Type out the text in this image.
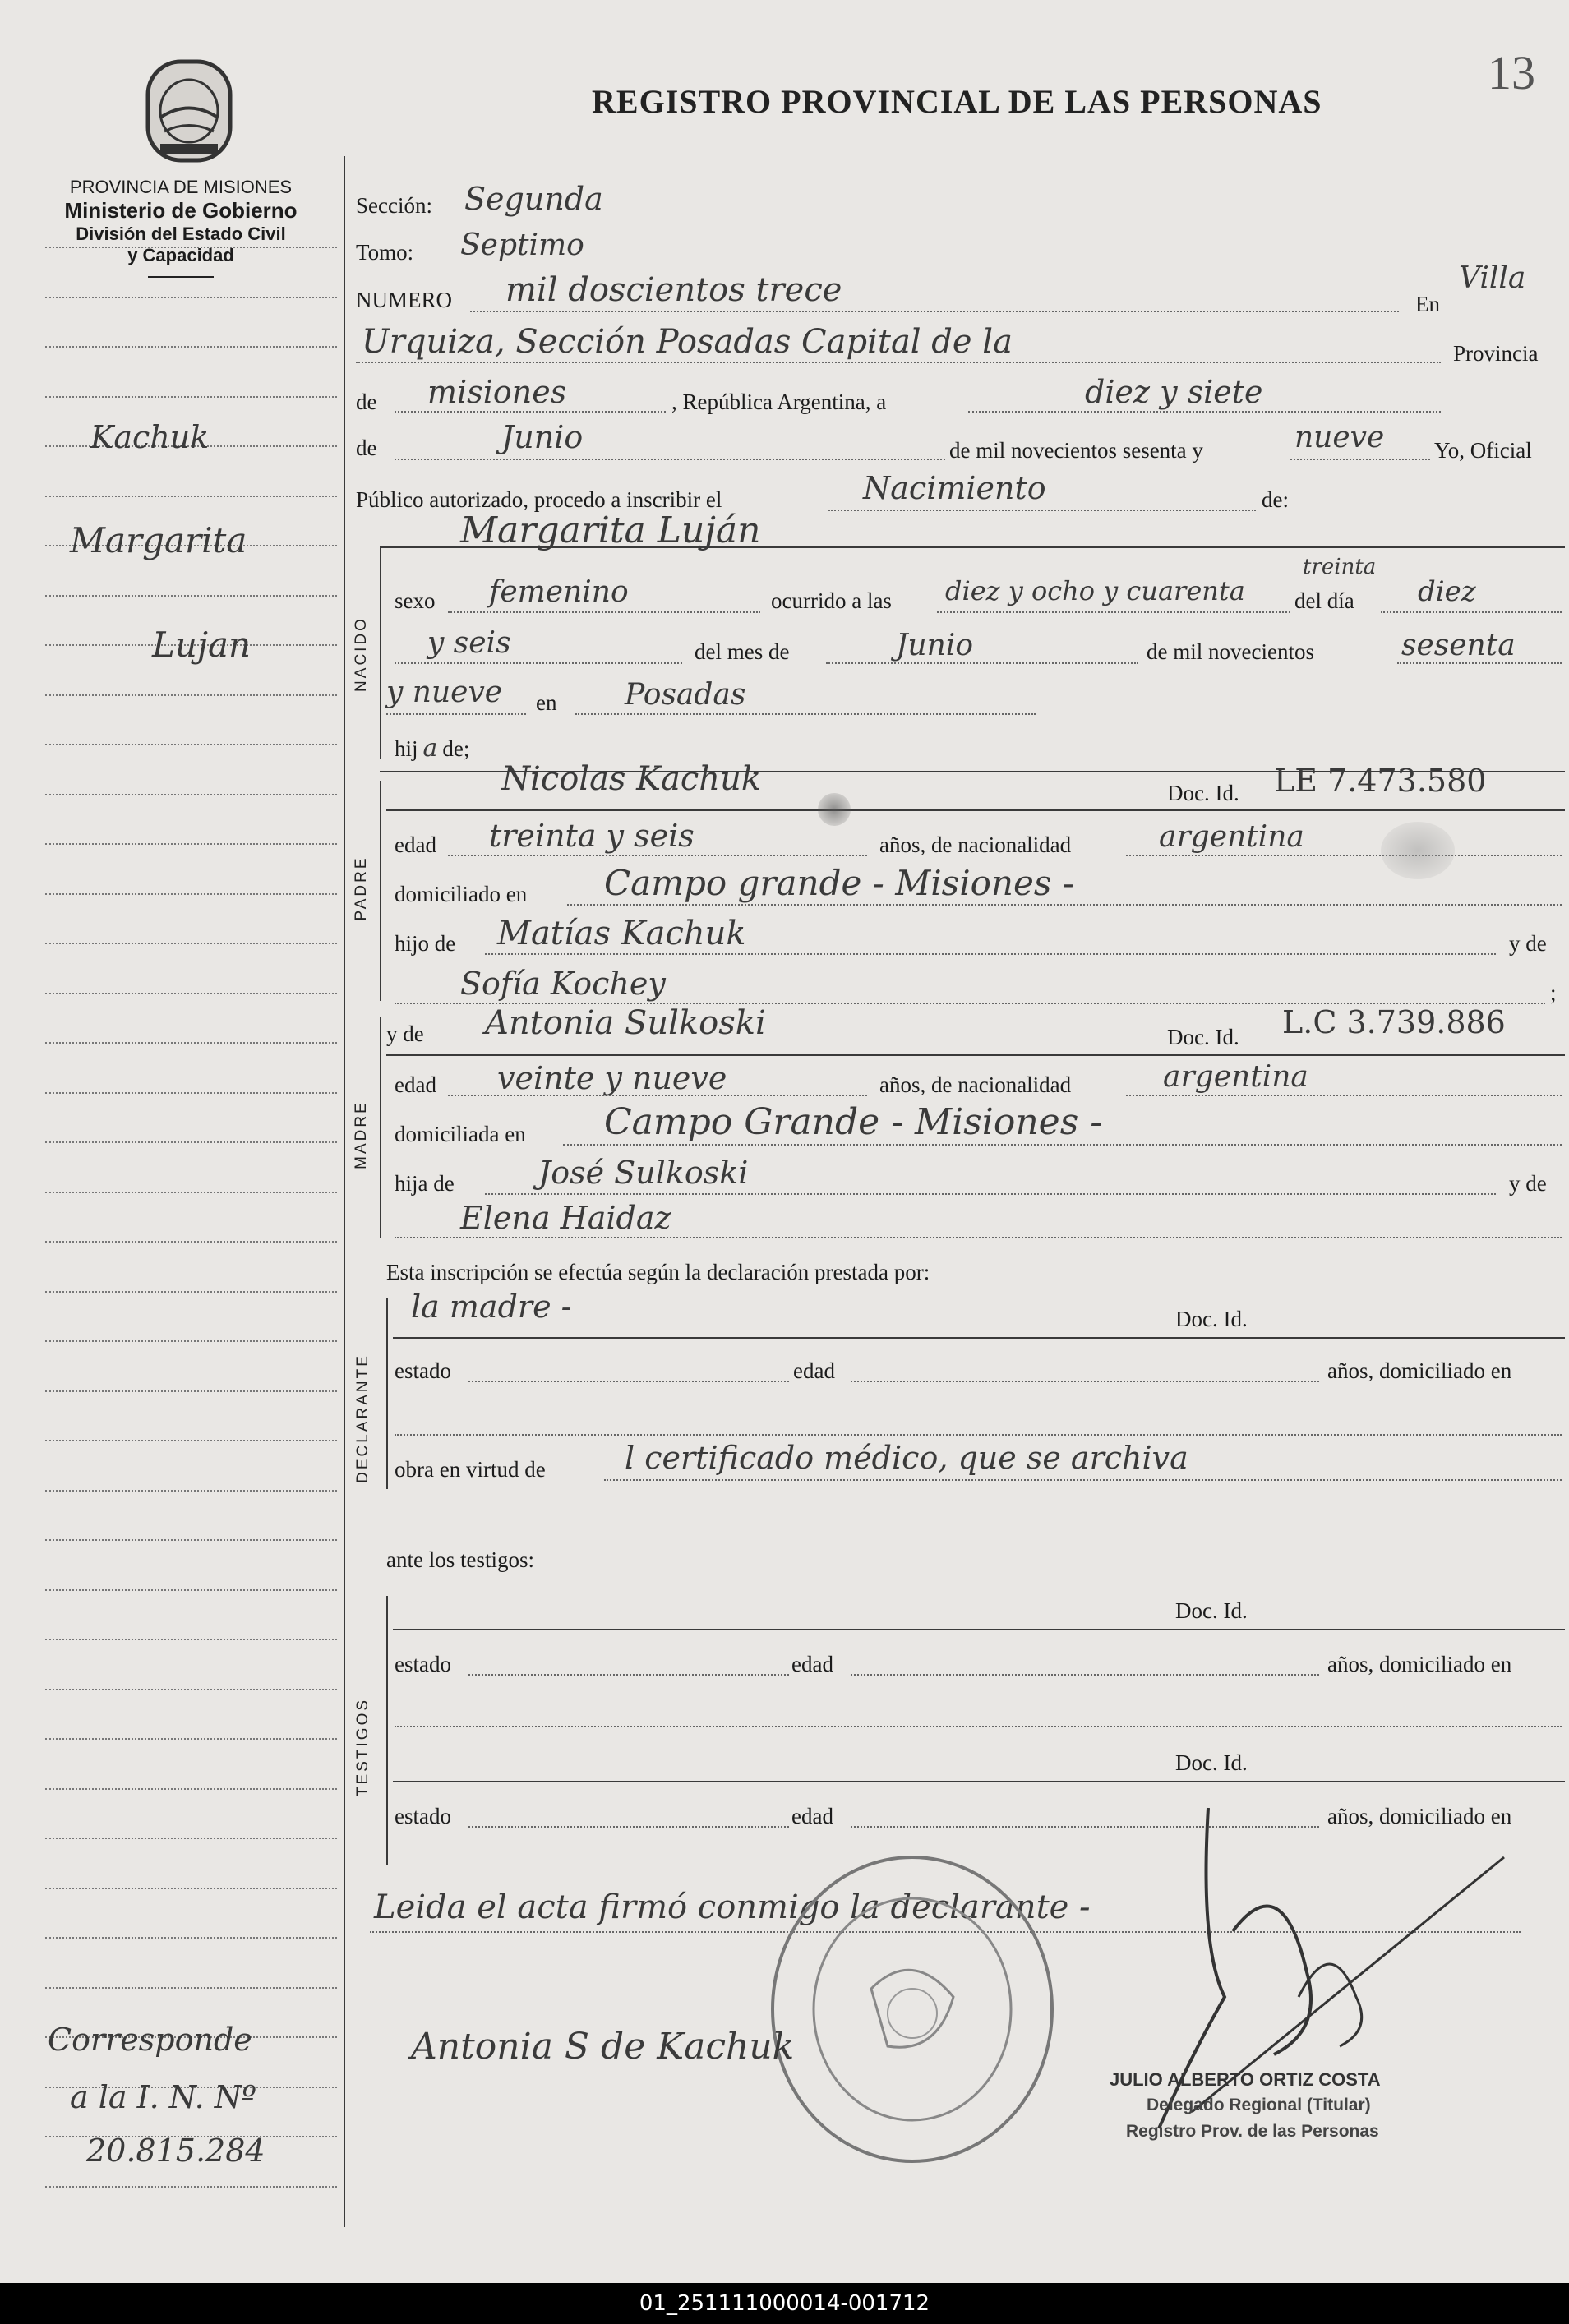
13
REGISTRO PROVINCIAL DE LAS PERSONAS
PROVINCIA DE MISIONES
Ministerio de Gobierno
División del Estado Civil
y Capacidad
Kachuk
Margarita
Lujan
Corresponde
a la I. N. Nº
20.815.284
Sección: Segunda
Tomo: Septimo
NUMERO mil doscientos trece	En
Villa
Urquiza, Sección Posadas Capital de la	Provincia
de misiones	, República Argentina, a	diez y siete
de	Junio	de mil novecientos sesenta y	nueve Yo, Oficial
Público autorizado, procedo a inscribir el	Nacimiento	de:
NACIDO
Margarita Luján
sexo femenino	ocurrido a las diez y ocho y cuarenta
treinta
del día diez
y seis	del mes de	Junio	de mil novecientos	sesenta
y nueve en Posadas
hij a de;
PADRE
Nicolas Kachuk	Doc. Id. LE 7.473.580
edad treinta y seis	años, de nacionalidad	argentina
domiciliado en Campo grande - Misiones -
hijo de Matías Kachuk	y de
Sofía Kochey	;
MADRE
y de Antonia Sulkoski	Doc. Id. L.C 3.739.886
edad veinte y nueve	años, de nacionalidad	argentina
domiciliada en Campo Grande - Misiones -
hija de	José Sulkoski	y de
Elena Haidaz
Esta inscripción se efectúa según la declaración prestada por:
DECLARANTE
la madre -	Doc. Id.
estado	edad	años, domiciliado en
obra en virtud de	l certificado médico, que se archiva
ante los testigos:
TESTIGOS
Doc. Id.
estado	edad	años, domiciliado en
Doc. Id.
estado	edad	años, domiciliado en
Leida el acta firmó conmigo la declarante -
Antonia S de Kachuk
JULIO ALBERTO ORTIZ COSTA
Delegado Regional (Titular)
Registro Prov. de las Personas
01_251111000014-001712
